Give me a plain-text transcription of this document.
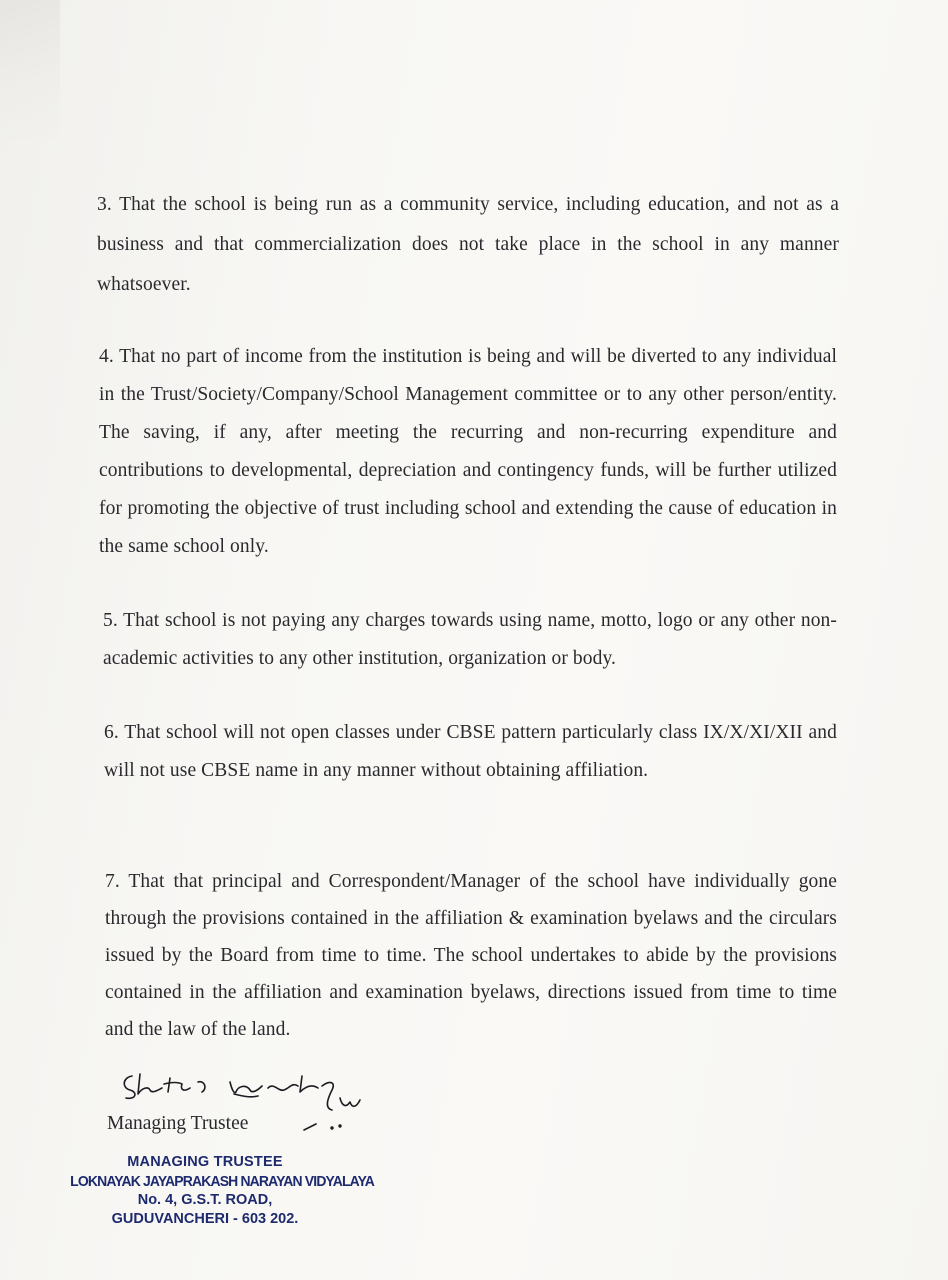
3. That the school is being run as a community service, including education, and not as a business and that commercialization does not take place in the school in any manner whatsoever.

4. That no part of income from the institution is being and will be diverted to any individual in the Trust/Society/Company/School Management committee or to any other person/entity. The saving, if any, after meeting the recurring and non-recurring expenditure and contributions to developmental, depreciation and contingency funds, will be further utilized for promoting the objective of trust including school and extending the cause of education in the same school only.

5. That school is not paying any charges towards using name, motto, logo or any other non-academic activities to any other institution, organization or body.

6. That school will not open classes under CBSE pattern particularly class IX/X/XI/XII and will not use CBSE name in any manner without obtaining affiliation.

7. That that principal and Correspondent/Manager of the school have individually gone through the provisions contained in the affiliation & examination byelaws and the circulars issued by the Board from time to time. The school undertakes to abide by the provisions contained in the affiliation and examination byelaws, directions issued from time to time and the law of the land.

Managing Trustee
MANAGING TRUSTEE
LOKNAYAK JAYAPRAKASH NARAYAN VIDYALAYA
No. 4, G.S.T. ROAD,
GUDUVANCHERI - 603 202.
